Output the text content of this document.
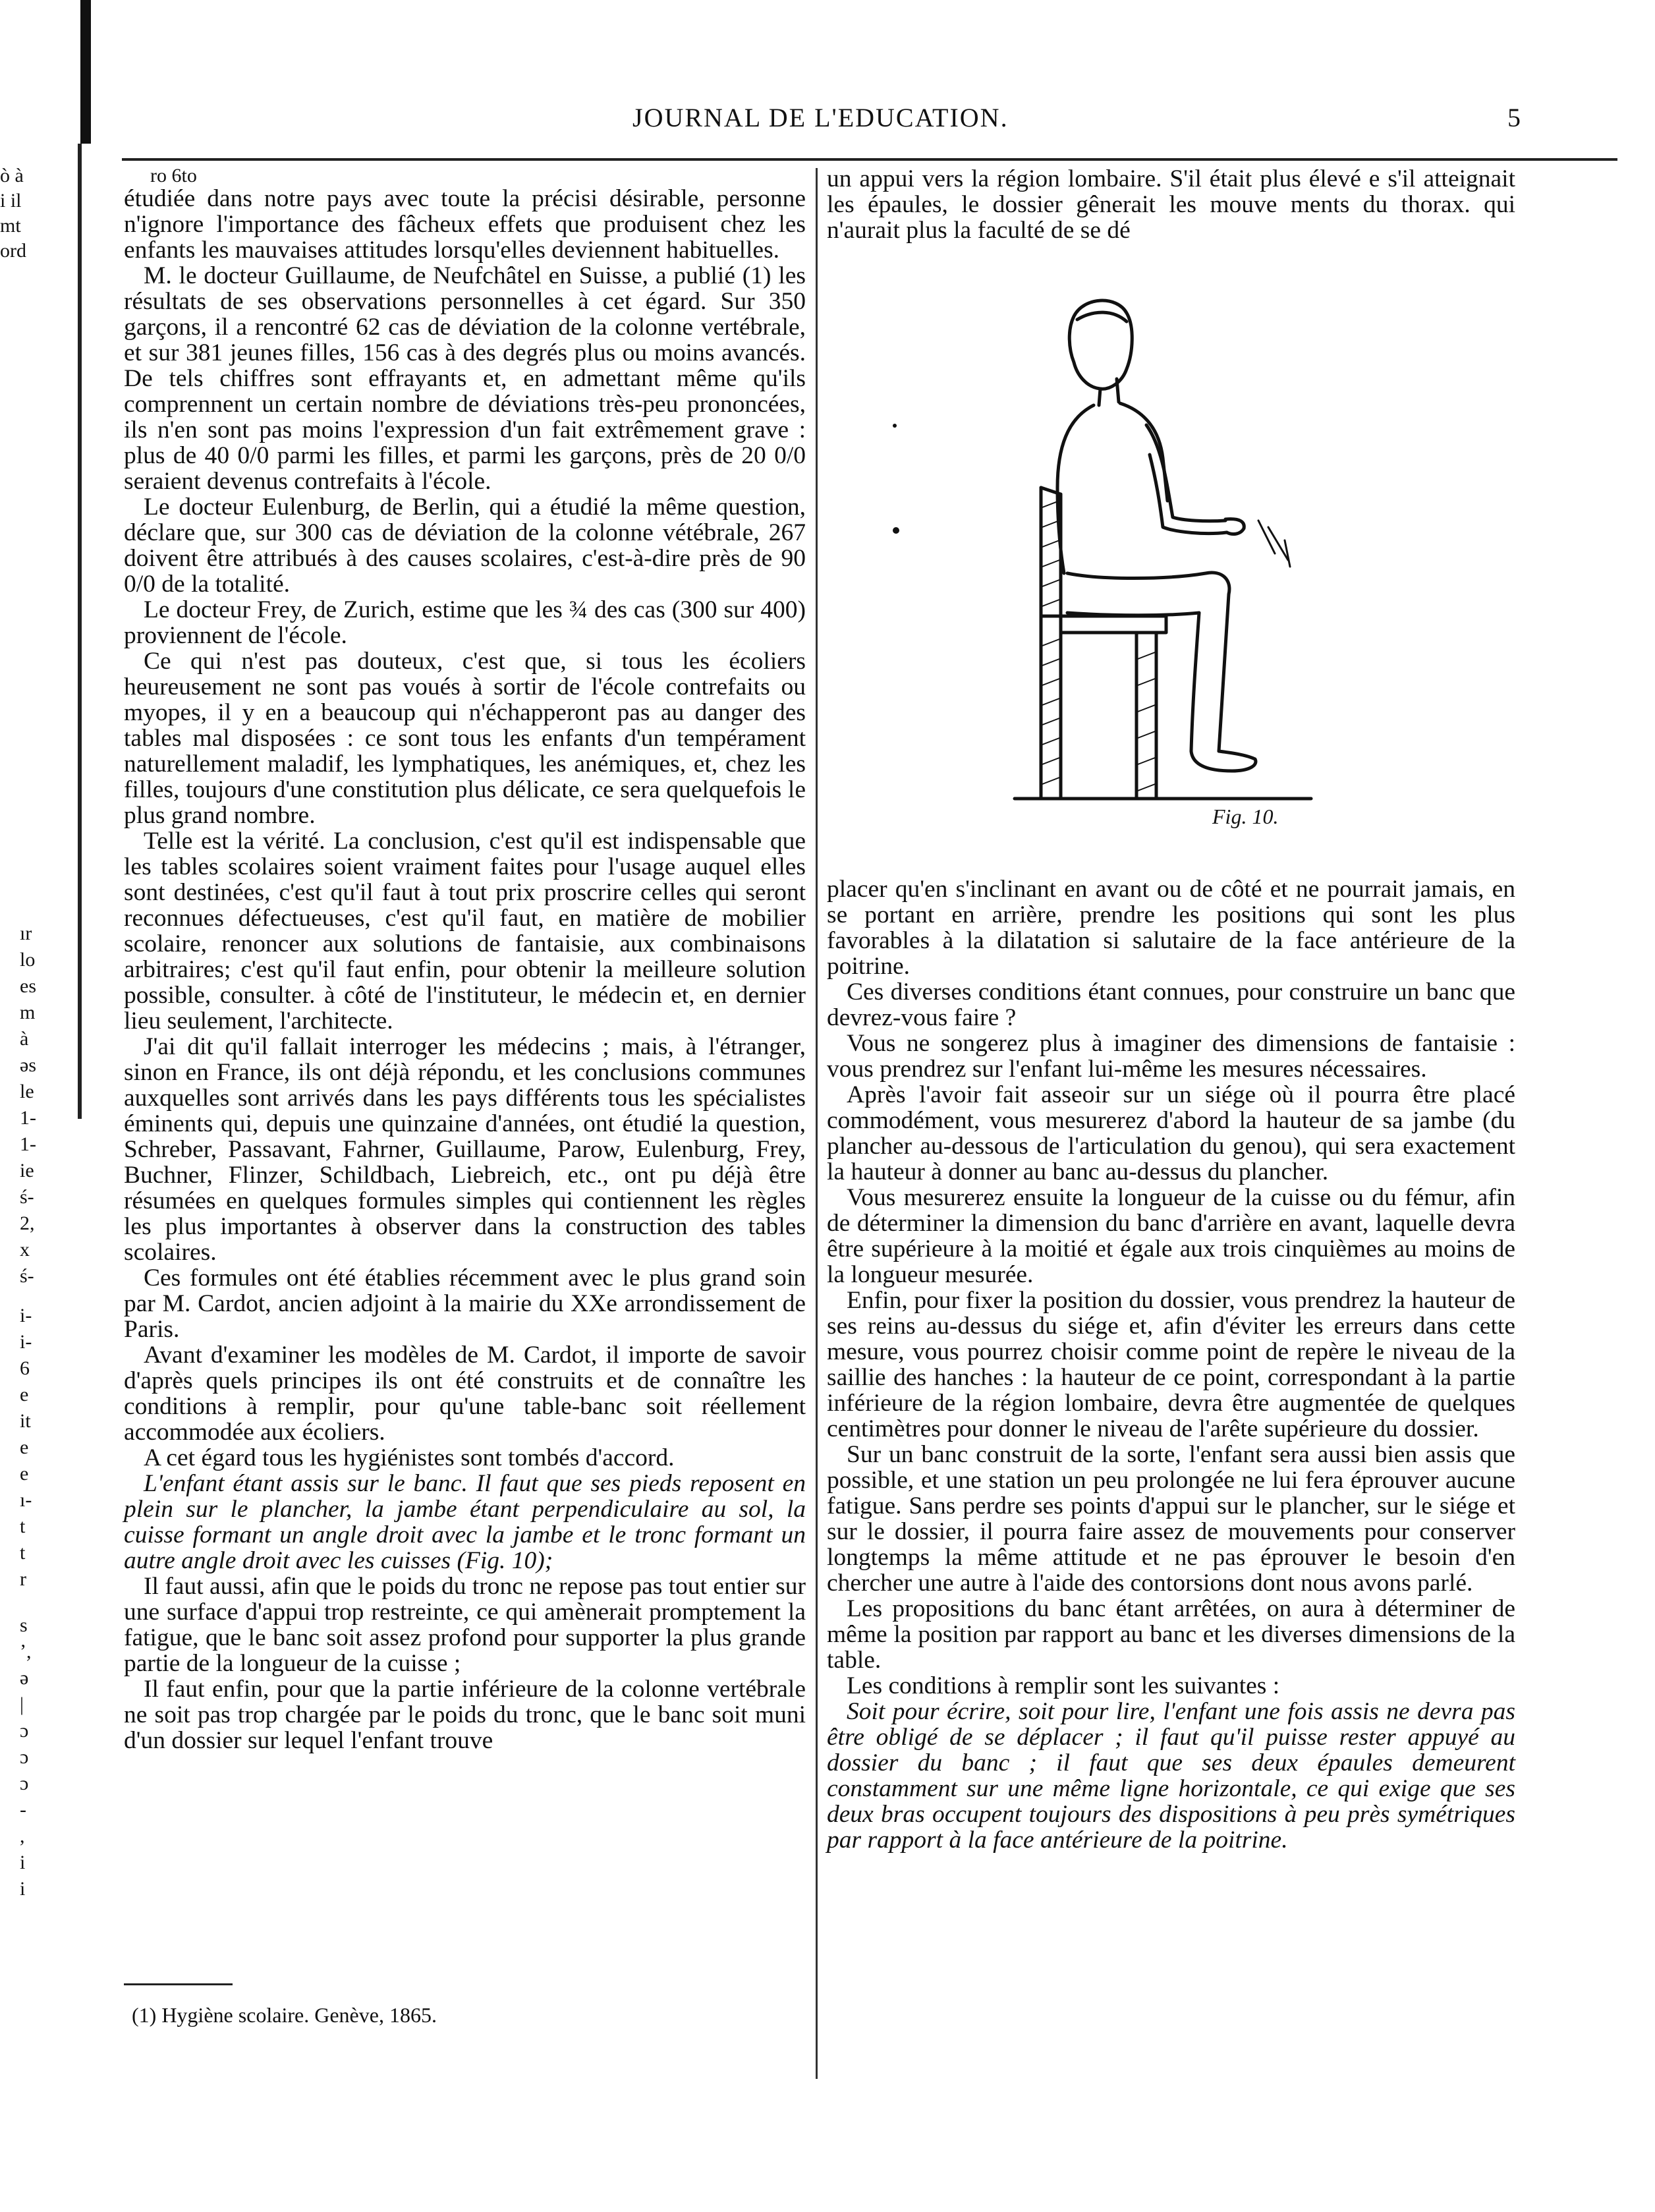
ò à
i il
mt
ord
ır
lo
es
m
à
əs
le
1-
1-
ie
ś-
2,
x
ś-
i-
i-
6
e
it
e
e
ı-
t
t
r
s
ʼ,
ə
|
ɔ
ɔ
ɔ
-
,
i
i
JOURNAL DE L'EDUCATION.	5

ro 6to

étudiée dans notre pays avec toute la précisi désirable, personne n'ignore l'importance des fâcheux effets que produisent chez les enfants les mauvaises attitudes lorsqu'elles deviennent habituelles.

M. le docteur Guillaume, de Neufchâtel en Suisse, a publié (1) les résultats de ses observations personnelles à cet égard. Sur 350 garçons, il a rencontré 62 cas de déviation de la colonne vertébrale, et sur 381 jeunes filles, 156 cas à des degrés plus ou moins avancés. De tels chiffres sont effrayants et, en admettant même qu'ils comprennent un certain nombre de déviations très-peu prononcées, ils n'en sont pas moins l'expression d'un fait extrêmement grave : plus de 40 0/0 parmi les filles, et parmi les garçons, près de 20 0/0 seraient devenus contrefaits à l'école.

Le docteur Eulenburg, de Berlin, qui a étudié la même question, déclare que, sur 300 cas de déviation de la colonne vétébrale, 267 doivent être attribués à des causes scolaires, c'est-à-dire près de 90 0/0 de la totalité.

Le docteur Frey, de Zurich, estime que les ¾ des cas (300 sur 400) proviennent de l'école.

Ce qui n'est pas douteux, c'est que, si tous les écoliers heureusement ne sont pas voués à sortir de l'école contrefaits ou myopes, il y en a beaucoup qui n'échapperont pas au danger des tables mal disposées : ce sont tous les enfants d'un tempérament naturellement maladif, les lymphatiques, les anémiques, et, chez les filles, toujours d'une constitution plus délicate, ce sera quelquefois le plus grand nombre.

Telle est la vérité. La conclusion, c'est qu'il est indispensable que les tables scolaires soient vraiment faites pour l'usage auquel elles sont destinées, c'est qu'il faut à tout prix proscrire celles qui seront reconnues défectueuses, c'est qu'il faut, en matière de mobilier scolaire, renoncer aux solutions de fantaisie, aux combinaisons arbitraires; c'est qu'il faut enfin, pour obtenir la meilleure solution possible, consulter. à côté de l'instituteur, le médecin et, en dernier lieu seulement, l'architecte.

J'ai dit qu'il fallait interroger les médecins ; mais, à l'étranger, sinon en France, ils ont déjà répondu, et les conclusions communes auxquelles sont arrivés dans les pays différents tous les spécialistes éminents qui, depuis une quinzaine d'années, ont étudié la question, Schreber, Passavant, Fahrner, Guillaume, Parow, Eulenburg, Frey, Buchner, Flinzer, Schildbach, Liebreich, etc., ont pu déjà être résumées en quelques formules simples qui contiennent les règles les plus importantes à observer dans la construction des tables scolaires.

Ces formules ont été établies récemment avec le plus grand soin par M. Cardot, ancien adjoint à la mairie du XXe arrondissement de Paris.

Avant d'examiner les modèles de M. Cardot, il importe de savoir d'après quels principes ils ont été construits et de connaître les conditions à remplir, pour qu'une table-banc soit réellement accommodée aux écoliers.

A cet égard tous les hygiénistes sont tombés d'accord.

L'enfant étant assis sur le banc. Il faut que ses pieds reposent en plein sur le plancher, la jambe étant perpendiculaire au sol, la cuisse formant un angle droit avec la jambe et le tronc formant un autre angle droit avec les cuisses (Fig. 10);

Il faut aussi, afin que le poids du tronc ne repose pas tout entier sur une surface d'appui trop restreinte, ce qui amènerait promptement la fatigue, que le banc soit assez profond pour supporter la plus grande partie de la longueur de la cuisse ;

Il faut enfin, pour que la partie inférieure de la colonne vertébrale ne soit pas trop chargée par le poids du tronc, que le banc soit muni d'un dossier sur lequel l'enfant trouve

un appui vers la région lombaire. S'il était plus élevé e s'il atteignait les épaules, le dossier gênerait les mouve ments du thorax. qui n'aurait plus la faculté de se dé

Fig. 10.

placer qu'en s'inclinant en avant ou de côté et ne pourrait jamais, en se portant en arrière, prendre les positions qui sont les plus favorables à la dilatation si salutaire de la face antérieure de la poitrine.

Ces diverses conditions étant connues, pour construire un banc que devrez-vous faire ?

Vous ne songerez plus à imaginer des dimensions de fantaisie : vous prendrez sur l'enfant lui-même les mesures nécessaires.

Après l'avoir fait asseoir sur un siége où il pourra être placé commodément, vous mesurerez d'abord la hauteur de sa jambe (du plancher au-dessous de l'articulation du genou), qui sera exactement la hauteur à donner au banc au-dessus du plancher.

Vous mesurerez ensuite la longueur de la cuisse ou du fémur, afin de déterminer la dimension du banc d'arrière en avant, laquelle devra être supérieure à la moitié et égale aux trois cinquièmes au moins de la longueur mesurée.

Enfin, pour fixer la position du dossier, vous prendrez la hauteur de ses reins au-dessus du siége et, afin d'éviter les erreurs dans cette mesure, vous pourrez choisir comme point de repère le niveau de la saillie des hanches : la hauteur de ce point, correspondant à la partie inférieure de la région lombaire, devra être augmentée de quelques centimètres pour donner le niveau de l'arête supérieure du dossier.

Sur un banc construit de la sorte, l'enfant sera aussi bien assis que possible, et une station un peu prolongée ne lui fera éprouver aucune fatigue. Sans perdre ses points d'appui sur le plancher, sur le siége et sur le dossier, il pourra faire assez de mouvements pour conserver longtemps la même attitude et ne pas éprouver le besoin d'en chercher une autre à l'aide des contorsions dont nous avons parlé.

Les propositions du banc étant arrêtées, on aura à déterminer de même la position par rapport au banc et les diverses dimensions de la table.

Les conditions à remplir sont les suivantes :

Soit pour écrire, soit pour lire, l'enfant une fois assis ne devra pas être obligé de se déplacer ; il faut qu'il puisse rester appuyé au dossier du banc ; il faut que ses deux épaules demeurent constamment sur une même ligne horizontale, ce qui exige que ses deux bras occupent toujours des dispositions à peu près symétriques par rapport à la face antérieure de la poitrine.

(1) Hygiène scolaire. Genève, 1865.
